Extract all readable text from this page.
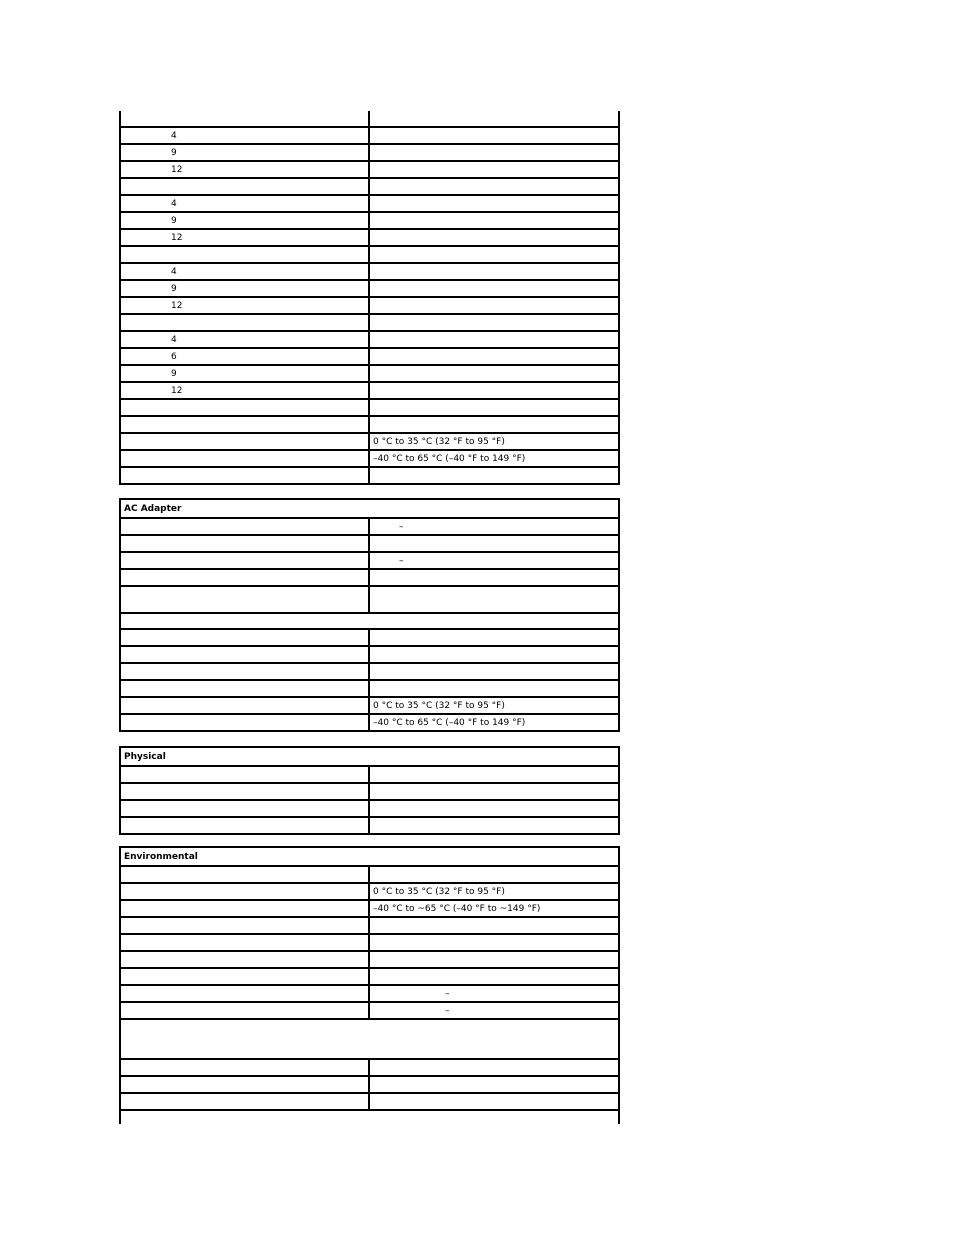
4
9
12
4
9
12
4
9
12
4
6
9
12
0 °C to 35 °C (32 °F to 95 °F)
–40 °C to 65 °C (–40 °F to 149 °F)
AC Adapter
–
–
0 °C to 35 °C (32 °F to 95 °F)
–40 °C to 65 °C (–40 °F to 149 °F)
Physical
Environmental
0 °C to 35 °C (32 °F to 95 °F)
–40 °C to ~65 °C (–40 °F to ~149 °F)
–
–
